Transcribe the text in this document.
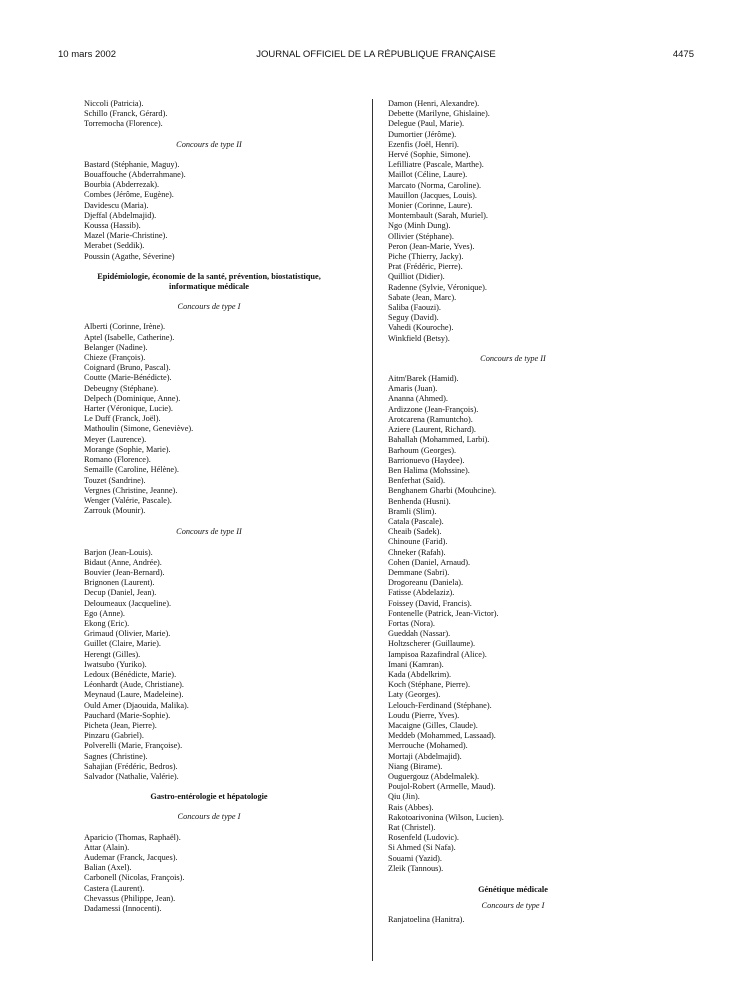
10 mars 2002	JOURNAL OFFICIEL DE LA RÉPUBLIQUE FRANÇAISE	4475
Niccoli (Patricia).
Schillo (Franck, Gérard).
Torremocha (Florence).
Concours de type II
Bastard (Stéphanie, Maguy).
Bouaffouche (Abderrahmane).
Bourbia (Abderrezak).
Combes (Jérôme, Eugène).
Davidescu (Maria).
Djeffal (Abdelmajid).
Koussa (Hassib).
Mazel (Marie-Christine).
Merabet (Seddik).
Poussin (Agathe, Séverine)
Epidémiologie, économie de la santé, prévention, biostatistique, informatique médicale
Concours de type I
Alberti (Corinne, Irène).
Aptel (Isabelle, Catherine).
Belanger (Nadine).
Chieze (François).
Coignard (Bruno, Pascal).
Coutte (Marie-Bénédicte).
Debeugny (Stéphane).
Delpech (Dominique, Anne).
Harter (Véronique, Lucie).
Le Duff (Franck, Joël).
Mathoulin (Simone, Geneviève).
Meyer (Laurence).
Morange (Sophie, Marie).
Romano (Florence).
Semaille (Caroline, Hélène).
Touzet (Sandrine).
Vergnes (Christine, Jeanne).
Wenger (Valérie, Pascale).
Zarrouk (Mounir).
Concours de type II
Barjon (Jean-Louis).
Bidaut (Anne, Andrée).
Bouvier (Jean-Bernard).
Brignonen (Laurent).
Decup (Daniel, Jean).
Deloumeaux (Jacqueline).
Ego (Anne).
Ekong (Eric).
Grimaud (Olivier, Marie).
Guillet (Claire, Marie).
Herengt (Gilles).
Iwatsubo (Yuriko).
Ledoux (Bénédicte, Marie).
Léonhardt (Aude, Christiane).
Meynaud (Laure, Madeleine).
Ould Amer (Djaouida, Malika).
Pauchard (Marie-Sophie).
Picheta (Jean, Pierre).
Pinzaru (Gabriel).
Polverelli (Marie, Françoise).
Sagnes (Christine).
Sahajian (Frédéric, Bedros).
Salvador (Nathalie, Valérie).
Gastro-entérologie et hépatologie
Concours de type I
Aparicio (Thomas, Raphaël).
Attar (Alain).
Audemar (Franck, Jacques).
Balian (Axel).
Carbonell (Nicolas, François).
Castera (Laurent).
Chevassus (Philippe, Jean).
Dadamessi (Innocenti).
Damon (Henri, Alexandre).
Debette (Marilyne, Ghislaine).
Delegue (Paul, Marie).
Dumortier (Jérôme).
Ezenfis (Joël, Henri).
Hervé (Sophie, Simone).
Lefilliatre (Pascale, Marthe).
Maillot (Céline, Laure).
Marcato (Norma, Caroline).
Mauillon (Jacques, Louis).
Monier (Corinne, Laure).
Montembault (Sarah, Muriel).
Ngo (Minh Dung).
Ollivier (Stéphane).
Peron (Jean-Marie, Yves).
Piche (Thierry, Jacky).
Prat (Frédéric, Pierre).
Quilliot (Didier).
Radenne (Sylvie, Véronique).
Sabate (Jean, Marc).
Saliba (Faouzi).
Seguy (David).
Vahedi (Kouroche).
Winkfield (Betsy).
Concours de type II
Aitm'Barek (Hamid).
Amaris (Juan).
Ananna (Ahmed).
Ardizzone (Jean-François).
Arotcarena (Ramuntcho).
Aziere (Laurent, Richard).
Bahallah (Mohammed, Larbi).
Barhoum (Georges).
Barrionuevo (Haydee).
Ben Halima (Mohssine).
Benferhat (Saïd).
Benghanem Gharbi (Mouhcine).
Benhenda (Husni).
Bramli (Slim).
Catala (Pascale).
Cheaib (Sadek).
Chinoune (Farid).
Chneker (Rafah).
Cohen (Daniel, Arnaud).
Demmane (Sabri).
Drogoreanu (Daniela).
Fatisse (Abdelaziz).
Foissey (David, Francis).
Fontenelle (Patrick, Jean-Victor).
Fortas (Nora).
Gueddah (Nassar).
Holtzscherer (Guillaume).
Iampisoa Razafindral (Alice).
Imani (Kamran).
Kada (Abdelkrim).
Koch (Stéphane, Pierre).
Laty (Georges).
Lelouch-Ferdinand (Stéphane).
Loudu (Pierre, Yves).
Macaigne (Gilles, Claude).
Meddeb (Mohammed, Lassaad).
Merrouche (Mohamed).
Mortaji (Abdelmajid).
Niang (Birame).
Ouguergouz (Abdelmalek).
Poujol-Robert (Armelle, Maud).
Qiu (Jin).
Rais (Abbes).
Rakotoarivonina (Wilson, Lucien).
Rat (Christel).
Rosenfeld (Ludovic).
Si Ahmed (Si Nafa).
Souami (Yazid).
Zleik (Tannous).
Génétique médicale
Concours de type I
Ranjatoelina (Hanitra).
